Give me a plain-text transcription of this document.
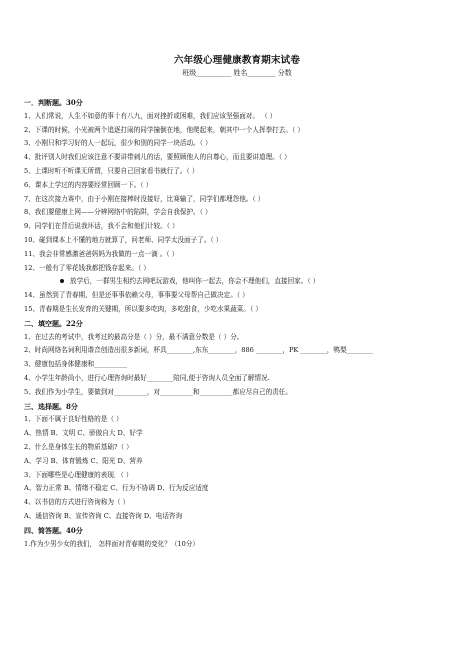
六年级心理健康教育期末试卷
班级__________ 姓名________ 分数
一．判断题。30分
1、人们常说，人生不如意的事十有八九，面对挫折或困难，我们应该坚强面对。 （ ）
2、下课的时候，小光被两个追逐打闹的同学撞倒在地，他爬起来，朝其中一个人挥拳打去。（ ）
3、小刚只和学习好的人一起玩，很少和别的同学一块活动。（ ）
4、批评别人时我们应该注意不要讲带刺儿的话，要照顾他人的自尊心，而且要讲道理。（ ）
5、上课时听不听课无所谓，只要自己回家看书就行了。（ ）
6、课本上学过的内容要经常回顾一下。（ ）
7、在这次接力赛中，由于小刚在接棒时没接好，比赛输了，同学们都埋怨他。（ ）
8、我们要健康上网——分辨网络中的陷阱，学会自我保护。（ ）
9、同学们在背后说我坏话，我不会和他们计较。（ ）
10、碰到课本上不懂的地方就算了，问老师、同学太没面子了。（ ）
11、我会非常感激爸爸妈妈为我做的一点一滴 。（ ）
12、一般有了零花钱我都把钱存起来。（ ）
放学后，一群男生相约去网吧玩游戏，他叫你一起去，你会不理他们，直接回家。（ ）
14、虽然到了青春期，但是还事事依赖父母，事事要父母帮自己做决定。（ ）
15、青春期是生长发育的关键期，所以要多吃肉，多吃甜食，少吃水果蔬菜。（ ）
二、填空题。22分
1、在过去的考试中，我考过的最高分是（ ）分，最不满意分数是（ ）分。
2、时尚网络名词利用谐音创造出很多新词，杯具________,东东________，886 ________，PK ________，鸭梨________
3、健康包括身体健康和__________
4、小学生年龄尚小，进行心理咨询时最好________陪同,便于咨询人员全面了解情况.
5、我们作为小学生，要做到对__________，对__________和__________都应尽自己的责任。
三、选择题。8分
1、下面不属于良好性格的是（ ）
A、热情 B、文明 C、骄傲自大 D、好学
2、什么是身体生长的物质基础?（ ）
A、学习 B、体育锻炼 C、阳光 D、营养
3、下面哪些是心理健康的表现．（ ）
A、智力正常 B、情绪不稳定 C、行为不协调 D、行为反应适度
4、以书信的方式进行咨询称为（ ）
A、通信咨询 B、宣传咨询 C、直接咨询 D、电话咨询
四、简答题。40分
1.作为少男少女的我们， 怎样面对青春期的变化？（10分）
